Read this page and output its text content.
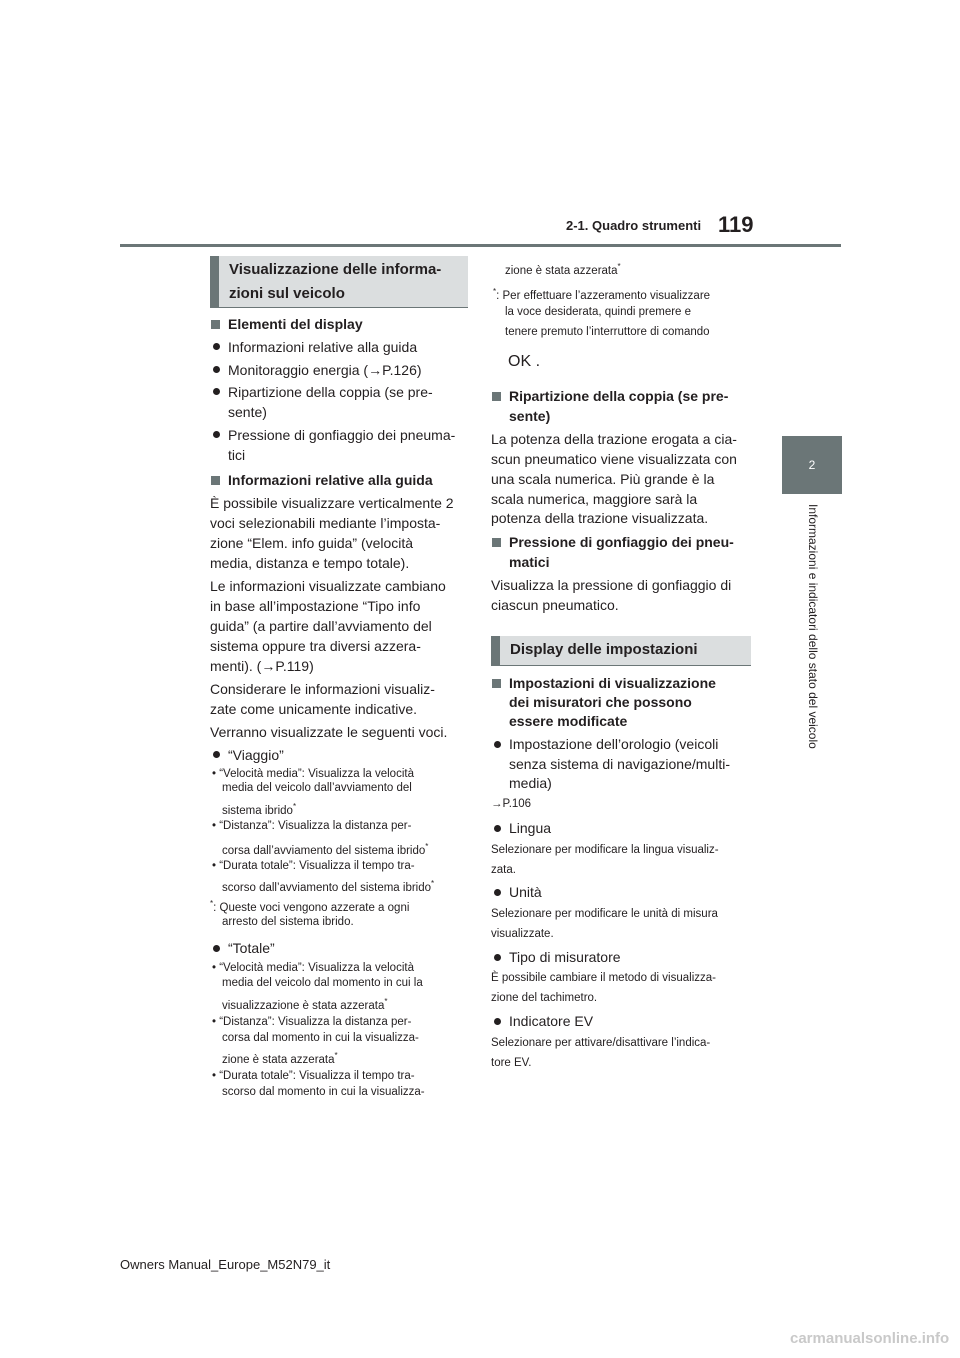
2-1. Quadro strumenti 119
2
Informazioni e indicatori dello stato del veicolo
Visualizzazione delle informa-
zioni sul veicolo
Elementi del display
Informazioni relative alla guida
Monitoraggio energia (→P.126)
Ripartizione della coppia (se pre-
sente)
Pressione di gonfiaggio dei pneuma-
tici
Informazioni relative alla guida
È possibile visualizzare verticalmente 2
voci selezionabili mediante l’imposta-
zione “Elem. info guida” (velocità
media, distanza e tempo totale).
Le informazioni visualizzate cambiano
in base all’impostazione “Tipo info
guida” (a partire dall’avviamento del
sistema oppure tra diversi azzera-
menti). (→P.119)
Considerare le informazioni visualiz-
zate come unicamente indicative.
Verranno visualizzate le seguenti voci.
“Viaggio”
• “Velocità media”: Visualizza la velocità
media del veicolo dall’avviamento del
sistema ibrido*
• “Distanza”: Visualizza la distanza per-
corsa dall’avviamento del sistema ibrido*
• “Durata totale”: Visualizza il tempo tra-
scorso dall’avviamento del sistema ibrido*
*: Queste voci vengono azzerate a ogni
arresto del sistema ibrido.
“Totale”
• “Velocità media”: Visualizza la velocità
media del veicolo dal momento in cui la
visualizzazione è stata azzerata*
• “Distanza”: Visualizza la distanza per-
corsa dal momento in cui la visualizza-
zione è stata azzerata*
• “Durata totale”: Visualizza il tempo tra-
scorso dal momento in cui la visualizza-
zione è stata azzerata*
*: Per effettuare l’azzeramento visualizzare
la voce desiderata, quindi premere e
tenere premuto l’interruttore di comando
OK .
Ripartizione della coppia (se pre-
sente)
La potenza della trazione erogata a cia-
scun pneumatico viene visualizzata con
una scala numerica. Più grande è la
scala numerica, maggiore sarà la
potenza della trazione visualizzata.
Pressione di gonfiaggio dei pneu-
matici
Visualizza la pressione di gonfiaggio di
ciascun pneumatico.
Display delle impostazioni
Impostazioni di visualizzazione
dei misuratori che possono
essere modificate
Impostazione dell’orologio (veicoli
senza sistema di navigazione/multi-
media)
→P.106
Lingua
Selezionare per modificare la lingua visualiz-
zata.
Unità
Selezionare per modificare le unità di misura
visualizzate.
Tipo di misuratore
È possibile cambiare il metodo di visualizza-
zione del tachimetro.
Indicatore EV
Selezionare per attivare/disattivare l’indica-
tore EV.
Owners Manual_Europe_M52N79_it
carmanualsonline.info
